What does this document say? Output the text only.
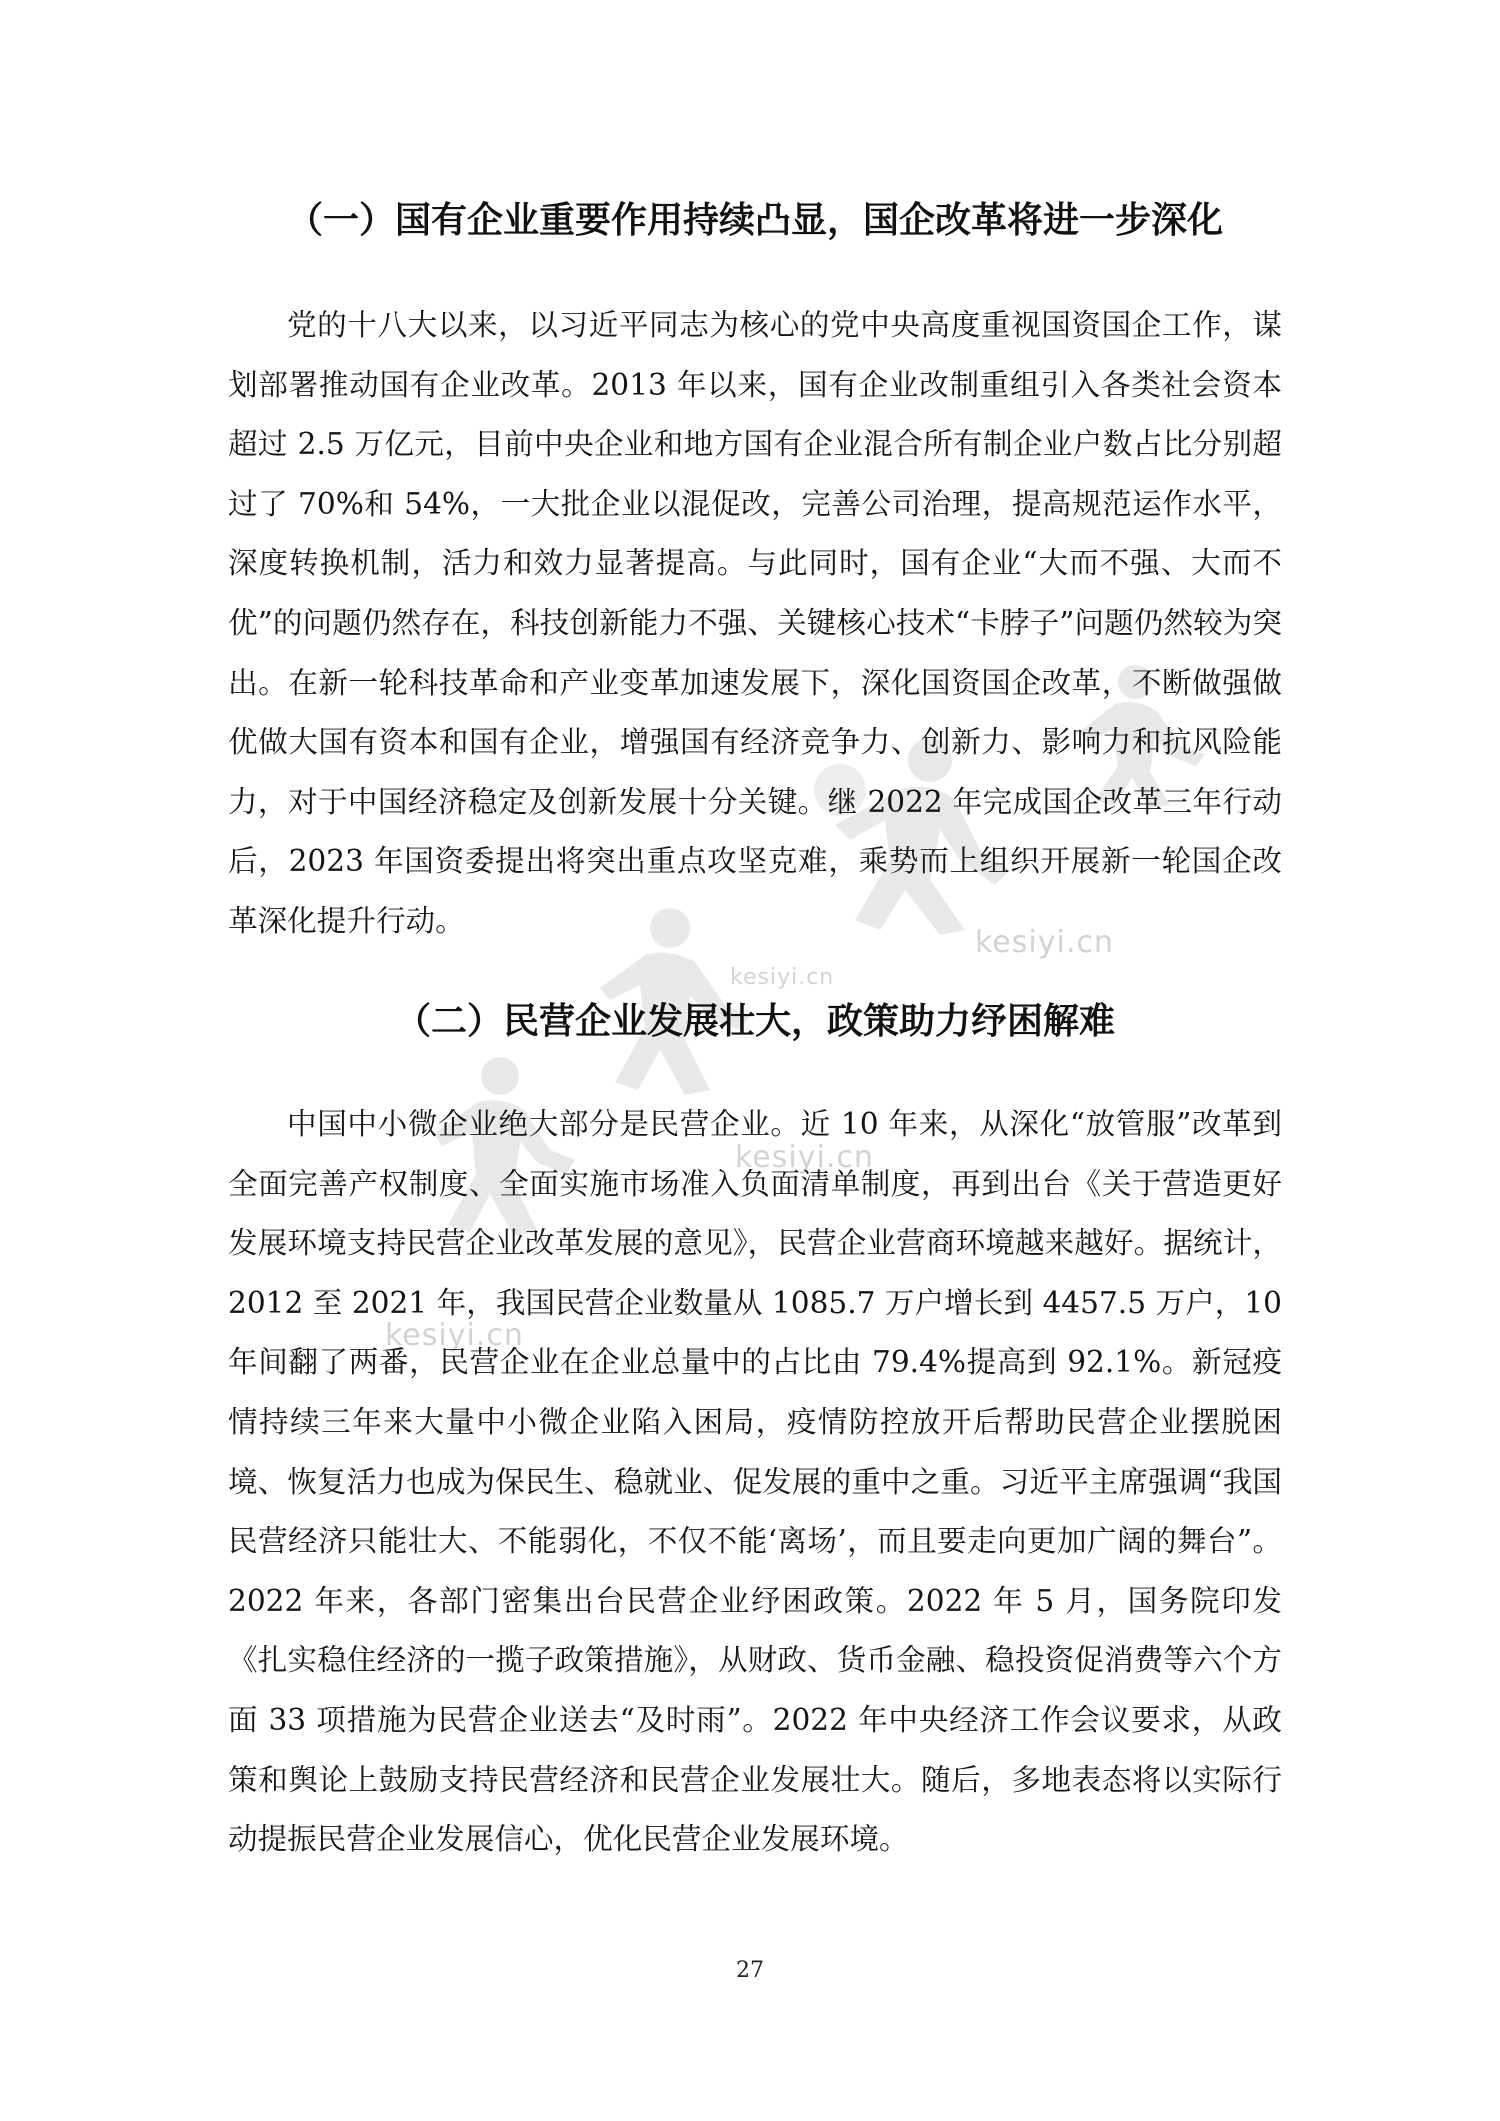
kesiyi.cn
kesiyi.cn
kesiyi.cn
kesiyi.cn
（一）国有企业重要作用持续凸显，国企改革将进一步深化

党的十八大以来，以习近平同志为核心的党中央高度重视国资国企工作，谋划部署推动国有企业改革。2013 年以来，国有企业改制重组引入各类社会资本超过 2.5 万亿元，目前中央企业和地方国有企业混合所有制企业户数占比分别超过了 70%和 54%，一大批企业以混促改，完善公司治理，提高规范运作水平，深度转换机制，活力和效力显著提高。与此同时，国有企业“大而不强、大而不优”的问题仍然存在，科技创新能力不强、关键核心技术“卡脖子”问题仍然较为突出。在新一轮科技革命和产业变革加速发展下，深化国资国企改革，不断做强做优做大国有资本和国有企业，增强国有经济竞争力、创新力、影响力和抗风险能力，对于中国经济稳定及创新发展十分关键。继 2022 年完成国企改革三年行动后，2023 年国资委提出将突出重点攻坚克难，乘势而上组织开展新一轮国企改革深化提升行动。

（二）民营企业发展壮大，政策助力纾困解难

中国中小微企业绝大部分是民营企业。近 10 年来，从深化“放管服”改革到全面完善产权制度、全面实施市场准入负面清单制度，再到出台《关于营造更好发展环境支持民营企业改革发展的意见》，民营企业营商环境越来越好。据统计，2012 至 2021 年，我国民营企业数量从 1085.7 万户增长到 4457.5 万户，10 年间翻了两番，民营企业在企业总量中的占比由 79.4%提高到 92.1%。新冠疫情持续三年来大量中小微企业陷入困局，疫情防控放开后帮助民营企业摆脱困境、恢复活力也成为保民生、稳就业、促发展的重中之重。习近平主席强调“我国民营经济只能壮大、不能弱化，不仅不能‘离场’，而且要走向更加广阔的舞台”。2022 年来，各部门密集出台民营企业纾困政策。2022 年 5 月，国务院印发《扎实稳住经济的一揽子政策措施》，从财政、货币金融、稳投资促消费等六个方面 33 项措施为民营企业送去“及时雨”。2022 年中央经济工作会议要求，从政策和舆论上鼓励支持民营经济和民营企业发展壮大。随后，多地表态将以实际行动提振民营企业发展信心，优化民营企业发展环境。

27
